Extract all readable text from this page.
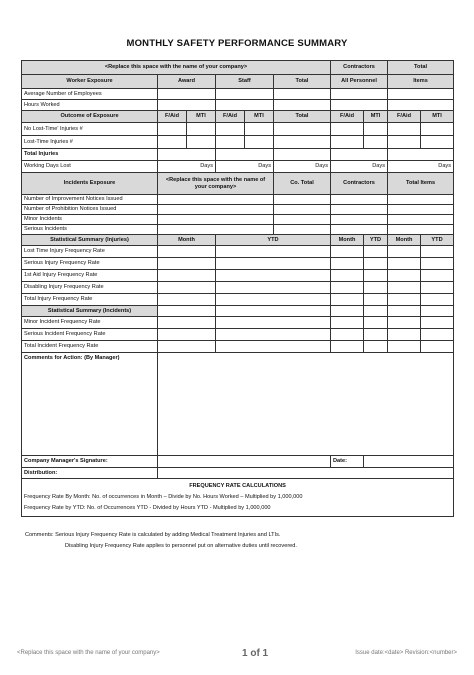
MONTHLY SAFETY PERFORMANCE SUMMARY
<Replace this space with the name of your company>						Contractors		Total	
Worker Exposure	Award		Staff		Total	All Personnel		Items	
Average Number of Employees									
Hours Worked									
Outcome of Exposure	F/Aid	MTI	F/Aid	MTI	Total	F/Aid	MTI	F/Aid	MTI
No Lost-Time' Injuries #									
Lost-Time Injuries #									
Total Injuries									
Working Days Lost	Days		Days		Days	Days		Days	
Incidents Exposure	<Replace this space with the name of your company>				Co. Total	Contractors		Total Items	
Number of Improvement Notices Issued									
Number of Prohibition Notices Issued									
Minor Incidents									
Serious Incidents									
Statistical Summary (Injuries)	Month		YTD			Month	YTD	Month	YTD
Lost Time Injury Frequency Rate									
Serious Injury Frequency Rate									
1st Aid Injury Frequency Rate									
Disabling Injury Frequency Rate									
Total Injury Frequency Rate									
Statistical Summary (Incidents)									
Minor Incident Frequency Rate									
Serious Incident Frequency Rate									
Total Incident Frequency Rate									
Comments for Action: (By Manager)									
Company Manager's Signature:						Date:			
Distribution:									

FREQUENCY RATE CALCULATIONS
Frequency Rate By Month: No. of occurrences in Month – Divide by No. Hours Worked – Multiplied by 1,000,000
Frequency Rate by YTD: No. of Occurrences YTD - Divided by Hours YTD - Multiplied by 1,000,000									
Comments: Serious Injury Frequency Rate is calculated by adding Medical Treatment Injuries and LTIs.
Disabling Injury Frequency Rate applies to personnel put on alternative duties until recovered.
<Replace this space with the name of your company>	1 of 1	Issue date:<date> Revision:<number>
